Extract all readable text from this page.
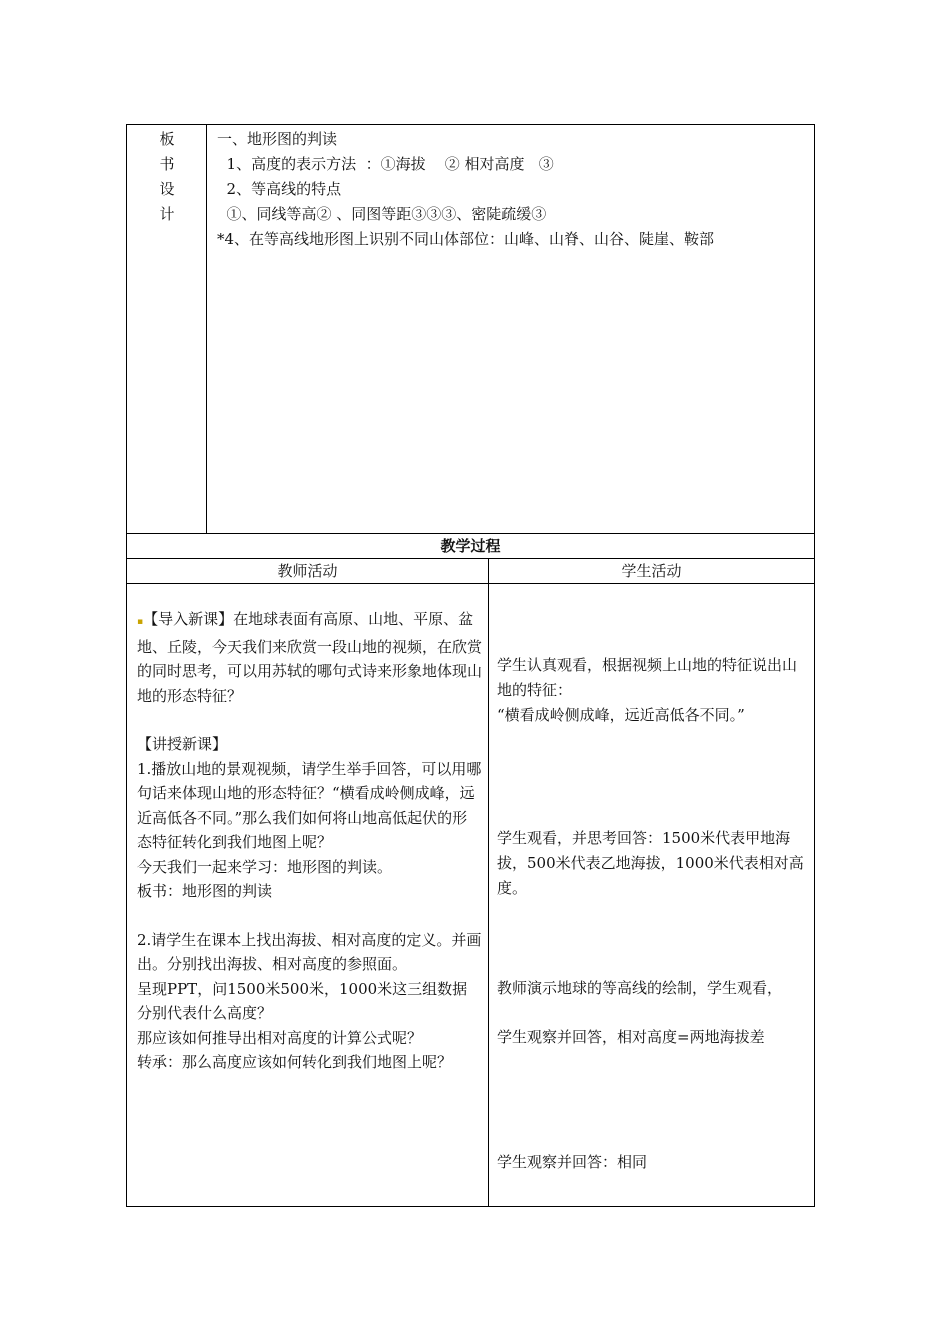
板
书
设
计
一、地形图的判读
1、高度的表示方法  ：①海拔    ② 相对高度   ③
2、等高线的特点
①、同线等高② 、同图等距③③③、密陡疏缓③
*4、在等高线地形图上识别不同山体部位：山峰、山脊、山谷、陡崖、鞍部
教学过程
教师活动	学生活动

▪【导入新课】在地球表面有高原、山地、平原、盆地、丘陵，今天我们来欣赏一段山地的视频，在欣赏的同时思考，可以用苏轼的哪句式诗来形象地体现山地的形态特征？

【讲授新课】

1.播放山地的景观视频，请学生举手回答，可以用哪句话来体现山地的形态特征？“横看成岭侧成峰，远近高低各不同。”那么我们如何将山地高低起伏的形态特征转化到我们地图上呢？

今天我们一起来学习：地形图的判读。

板书：地形图的判读

2.请学生在课本上找出海拔、相对高度的定义。并画出。分别找出海拔、相对高度的参照面。

呈现PPT，问1500米500米，1000米这三组数据分别代表什么高度？

那应该如何推导出相对高度的计算公式呢？

转承：那么高度应该如何转化到我们地图上呢？

学生认真观看，根据视频上山地的特征说出山地的特征：

“横看成岭侧成峰，远近高低各不同。”

学生观看，并思考回答：1500米代表甲地海拔，500米代表乙地海拔，1000米代表相对高度。

教师演示地球的等高线的绘制，学生观看，

学生观察并回答，相对高度=两地海拔差

学生观察并回答：相同
